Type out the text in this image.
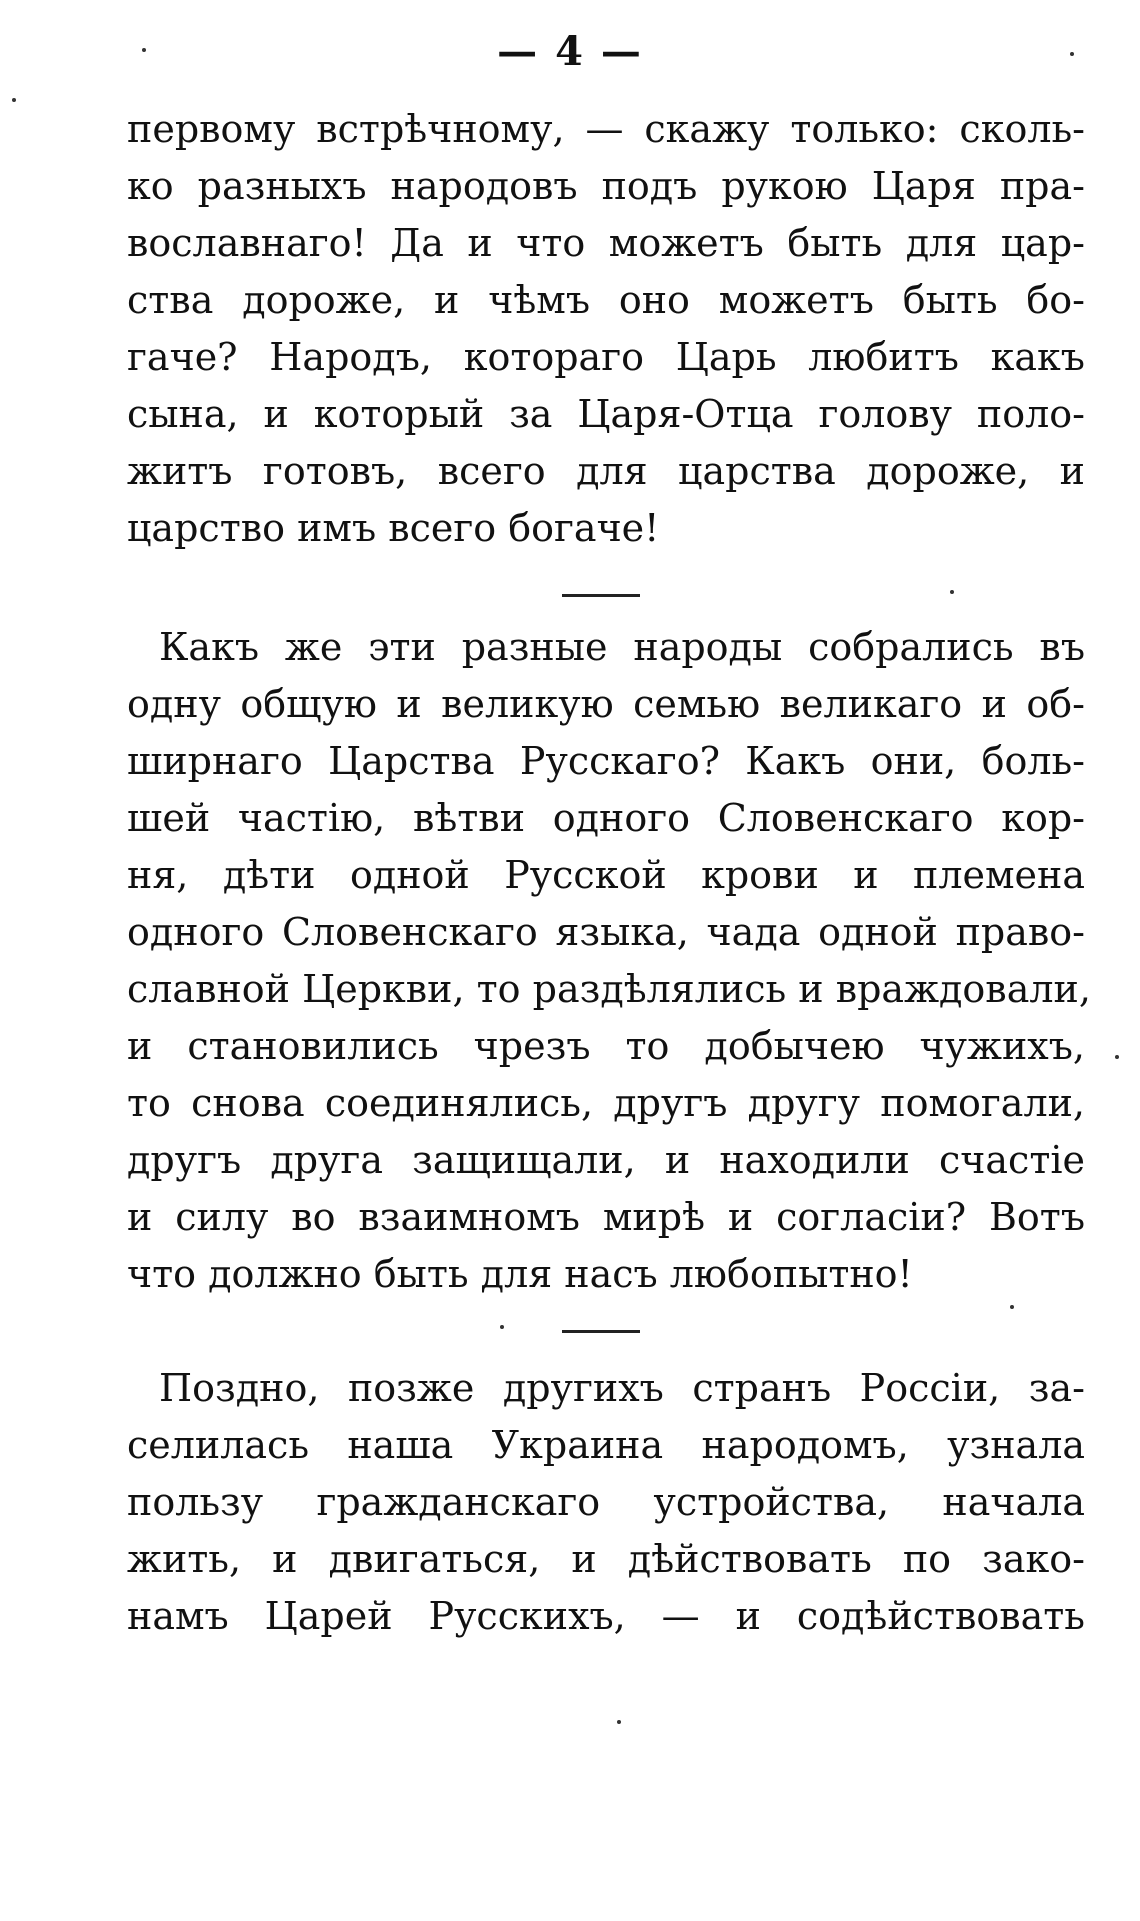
— 4 —
первому встрѣчному, — скажу только: сколь-
ко разныхъ народовъ подъ рукою Царя пра-
вославнаго! Да и что можетъ быть для цар-
ства дороже, и чѣмъ оно можетъ быть бо-
гаче? Народъ, котораго Царь любитъ какъ
сына, и который за Царя-Отца голову поло-
житъ готовъ, всего для царства дороже, и
царство имъ всего богаче!
Какъ же эти разные народы собрались въ
одну общую и великую семью великаго и об-
ширнаго Царства Русскаго? Какъ они, боль-
шей частію, вѣтви одного Словенскаго кор-
ня, дѣти одной Русской крови и племена
одного Словенскаго языка, чада одной право-
славной Церкви, то раздѣлялись и враждовали,
и становились чрезъ то добычею чужихъ,
то снова соединялись, другъ другу помогали,
другъ друга защищали, и находили счастіе
и силу во взаимномъ мирѣ и согласіи? Вотъ
что должно быть для насъ любопытно!
Поздно, позже другихъ странъ Россіи, за-
селилась наша Украина народомъ, узнала
пользу гражданскаго устройства, начала
жить, и двигаться, и дѣйствовать по зако-
намъ Царей Русскихъ, — и содѣйствовать
